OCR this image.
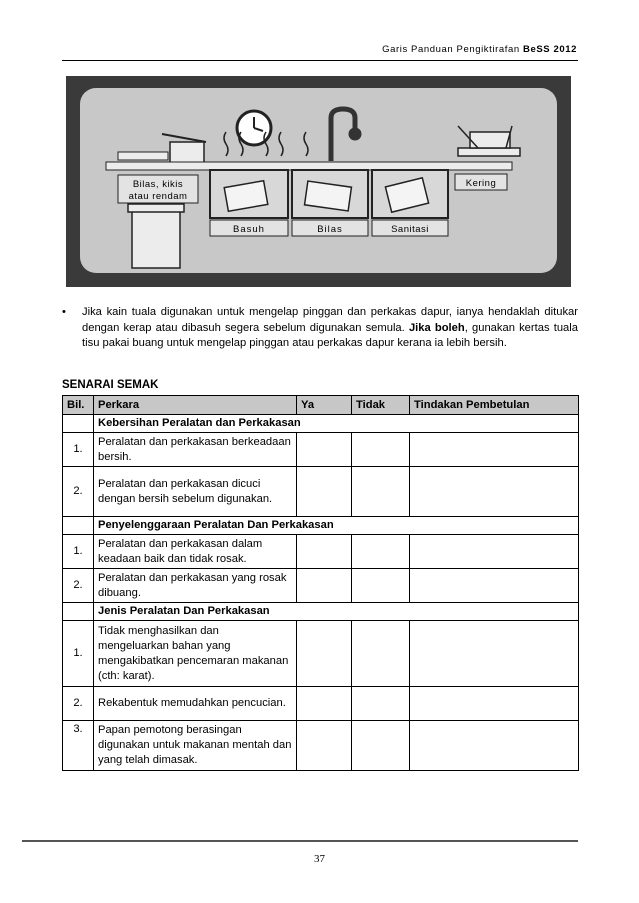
Garis Panduan Pengiktirafan BeSS 2012
Bilas, kikis
atau rendam
Kering
Basuh	Bilas	Sanitasi
• Jika kain tuala digunakan untuk mengelap pinggan dan perkakas dapur, ianya hendaklah ditukar dengan kerap atau dibasuh segera sebelum digunakan semula. Jika boleh, gunakan kertas tuala tisu pakai buang untuk mengelap pinggan atau perkakas dapur kerana ia lebih bersih.

SENARAI SEMAK
Bil.	Perkara	Ya	Tidak	Tindakan Pembetulan
	Kebersihan Peralatan dan Perkakasan			
1.	Peralatan dan perkakasan berkeadaan bersih.			
2.	Peralatan dan perkakasan dicuci dengan bersih sebelum digunakan.			
	Penyelenggaraan Peralatan Dan Perkakasan			
1.	Peralatan dan perkakasan dalam keadaan baik dan tidak rosak.			
2.	Peralatan dan perkakasan yang rosak dibuang.			
	Jenis Peralatan Dan Perkakasan			
1.	Tidak menghasilkan dan mengeluarkan bahan yang mengakibatkan pencemaran makanan (cth: karat).			
2.	Rekabentuk memudahkan pencucian.			
3.	Papan pemotong berasingan digunakan untuk makanan mentah dan yang telah dimasak.			
37
